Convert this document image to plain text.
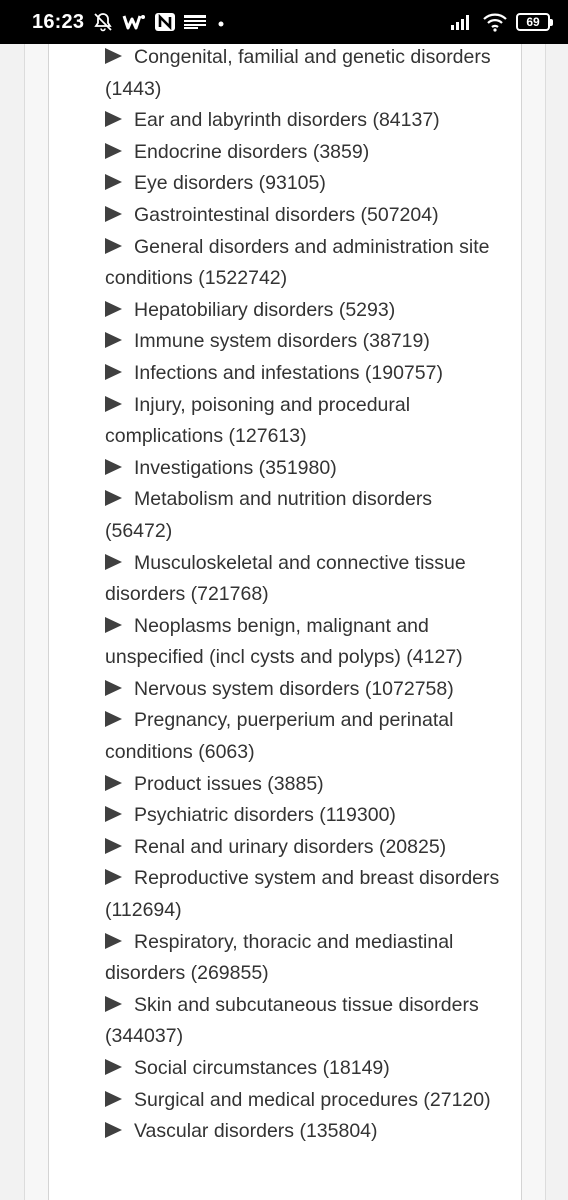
16:23	69
Congenital, familial and genetic disorders (1443)
Ear and labyrinth disorders (84137)
Endocrine disorders (3859)
Eye disorders (93105)
Gastrointestinal disorders (507204)
General disorders and administration site conditions (1522742)
Hepatobiliary disorders (5293)
Immune system disorders (38719)
Infections and infestations (190757)
Injury, poisoning and procedural complications (127613)
Investigations (351980)
Metabolism and nutrition disorders (56472)
Musculoskeletal and connective tissue disorders (721768)
Neoplasms benign, malignant and unspecified (incl cysts and polyps) (4127)
Nervous system disorders (1072758)
Pregnancy, puerperium and perinatal conditions (6063)
Product issues (3885)
Psychiatric disorders (119300)
Renal and urinary disorders (20825)
Reproductive system and breast disorders (112694)
Respiratory, thoracic and mediastinal disorders (269855)
Skin and subcutaneous tissue disorders (344037)
Social circumstances (18149)
Surgical and medical procedures (27120)
Vascular disorders (135804)
